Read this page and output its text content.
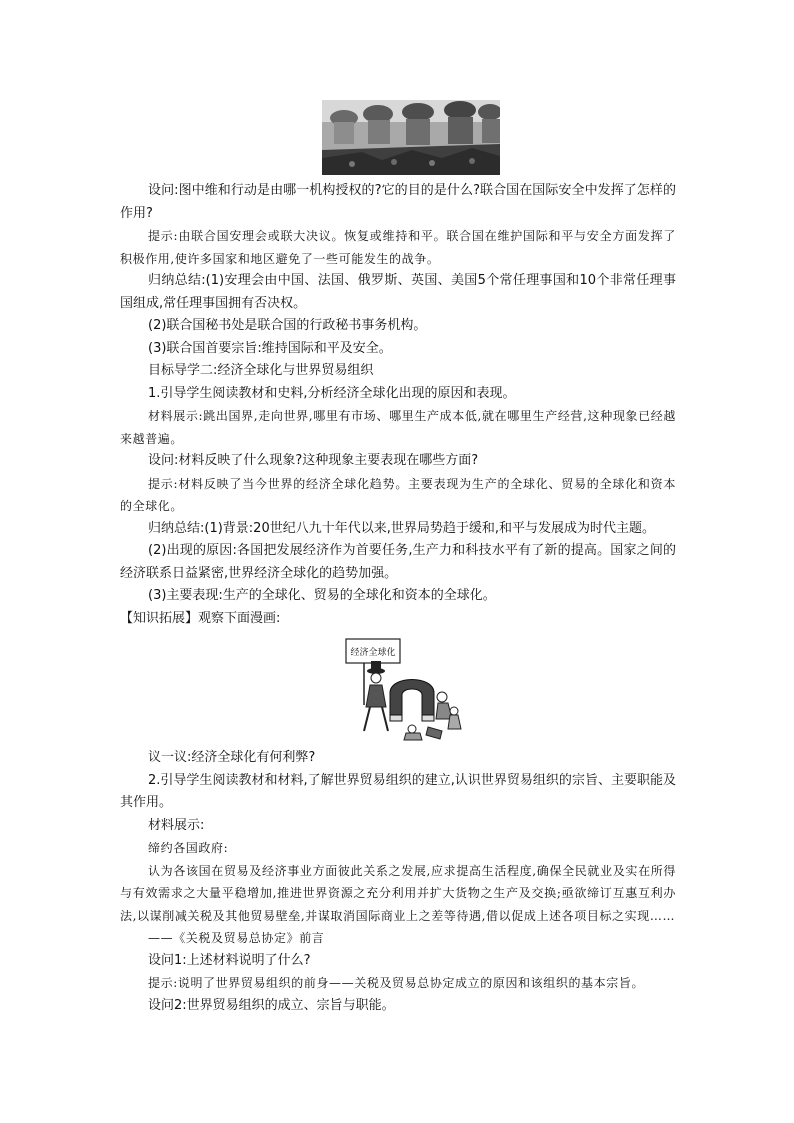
设问:图中维和行动是由哪一机构授权的?它的目的是什么?联合国在国际安全中发挥了怎样的作用?

提示:由联合国安理会或联大决议。恢复或维持和平。联合国在维护国际和平与安全方面发挥了积极作用,使许多国家和地区避免了一些可能发生的战争。

归纳总结:(1)安理会由中国、法国、俄罗斯、英国、美国5个常任理事国和10个非常任理事国组成,常任理事国拥有否决权。

(2)联合国秘书处是联合国的行政秘书事务机构。

(3)联合国首要宗旨:维持国际和平及安全。

目标导学二:经济全球化与世界贸易组织

1.引导学生阅读教材和史料,分析经济全球化出现的原因和表现。

材料展示:跳出国界,走向世界,哪里有市场、哪里生产成本低,就在哪里生产经营,这种现象已经越来越普遍。

设问:材料反映了什么现象?这种现象主要表现在哪些方面?

提示:材料反映了当今世界的经济全球化趋势。主要表现为生产的全球化、贸易的全球化和资本的全球化。

归纳总结:(1)背景:20世纪八九十年代以来,世界局势趋于缓和,和平与发展成为时代主题。

(2)出现的原因:各国把发展经济作为首要任务,生产力和科技水平有了新的提高。国家之间的经济联系日益紧密,世界经济全球化的趋势加强。

(3)主要表现:生产的全球化、贸易的全球化和资本的全球化。

【知识拓展】观察下面漫画:

经济全球化

议一议:经济全球化有何利弊?

2.引导学生阅读教材和材料,了解世界贸易组织的建立,认识世界贸易组织的宗旨、主要职能及其作用。

材料展示:

缔约各国政府:

认为各该国在贸易及经济事业方面彼此关系之发展,应求提高生活程度,确保全民就业及实在所得与有效需求之大量平稳增加,推进世界资源之充分利用并扩大货物之生产及交换;亟欲缔订互惠互利办法,以谋削减关税及其他贸易壁垒,并谋取消国际商业上之差等待遇,借以促成上述各项目标之实现……

——《关税及贸易总协定》前言

设问1:上述材料说明了什么?

提示:说明了世界贸易组织的前身——关税及贸易总协定成立的原因和该组织的基本宗旨。

设问2:世界贸易组织的成立、宗旨与职能。
